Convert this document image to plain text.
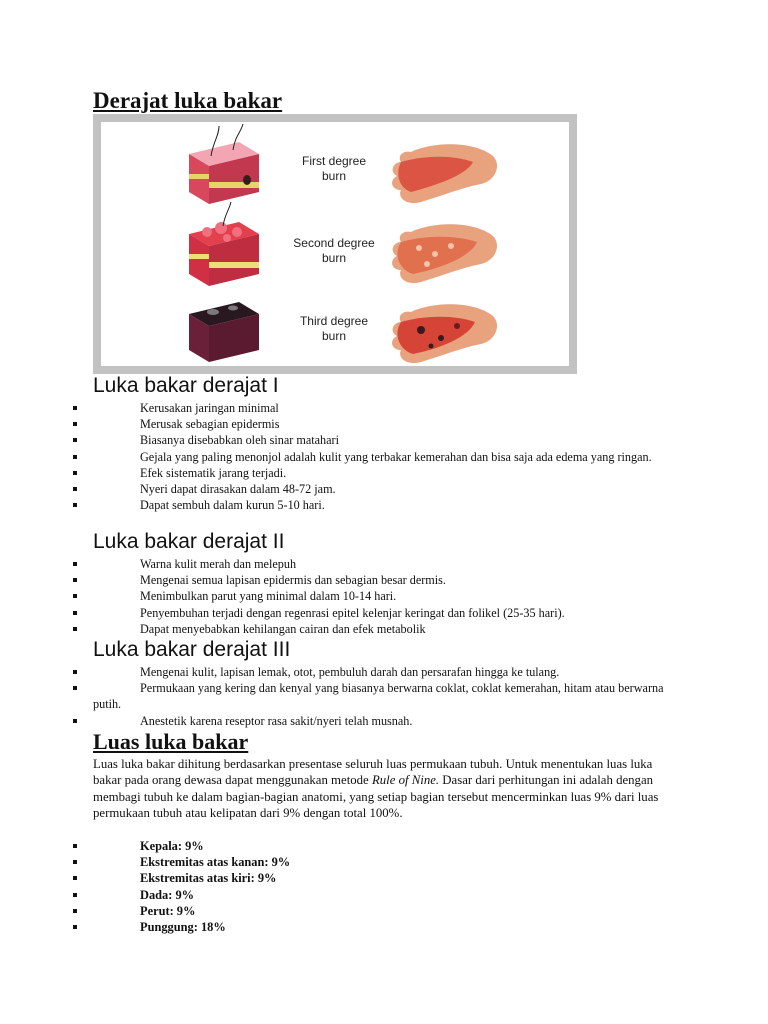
Derajat luka bakar
First degree
burn
Second degree
burn
Third degree
burn
Luka bakar derajat I
Kerusakan jaringan minimal
Merusak sebagian epidermis
Biasanya disebabkan oleh sinar matahari
Gejala yang paling menonjol adalah kulit yang terbakar kemerahan dan bisa saja ada edema yang ringan.
Efek sistematik jarang terjadi.
Nyeri dapat dirasakan dalam 48-72 jam.
Dapat sembuh dalam kurun 5-10 hari.
Luka bakar derajat II
Warna kulit merah dan melepuh
Mengenai semua lapisan epidermis dan sebagian besar dermis.
Menimbulkan parut yang minimal dalam 10-14 hari.
Penyembuhan terjadi dengan regenrasi epitel kelenjar keringat dan folikel (25-35 hari).
Dapat menyebabkan kehilangan cairan dan efek metabolik
Luka bakar derajat III
Mengenai kulit, lapisan lemak, otot, pembuluh darah dan persarafan hingga ke tulang.
Permukaan yang kering dan kenyal yang biasanya berwarna coklat, coklat kemerahan, hitam atau berwarna putih.
Anestetik karena reseptor rasa sakit/nyeri telah musnah.
Luas luka bakar

Luas luka bakar dihitung berdasarkan presentase seluruh luas permukaan tubuh. Untuk menentukan luas luka bakar pada orang dewasa dapat menggunakan metode Rule of Nine. Dasar dari perhitungan ini adalah dengan membagi tubuh ke dalam bagian-bagian anatomi, yang setiap bagian tersebut mencerminkan luas 9% dari luas permukaan tubuh atau kelipatan dari 9% dengan total 100%.

Kepala: 9%
Ekstremitas atas kanan: 9%
Ekstremitas atas kiri: 9%
Dada: 9%
Perut: 9%
Punggung: 18%
